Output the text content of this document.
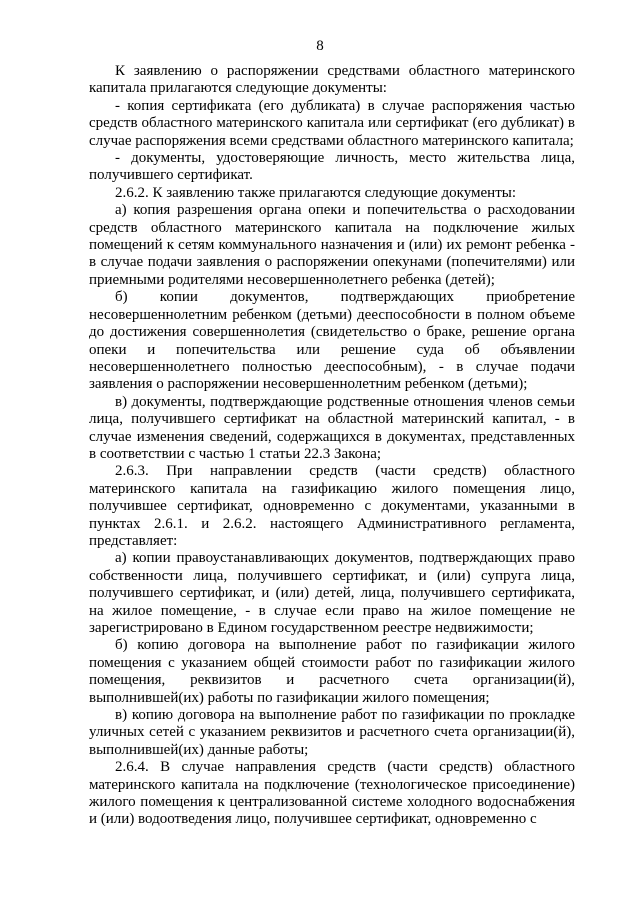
8

К заявлению о распоряжении средствами областного материнского капитала прилагаются следующие документы:

- копия сертификата (его дубликата) в случае распоряжения частью средств областного материнского капитала или сертификат (его дубликат) в случае распоряжения всеми средствами областного материнского капитала;

- документы, удостоверяющие личность, место жительства лица, получившего сертификат.

2.6.2. К заявлению также прилагаются следующие документы:

а) копия разрешения органа опеки и попечительства о расходовании средств областного материнского капитала на подключение жилых помещений к сетям коммунального назначения и (или) их ремонт ребенка - в случае подачи заявления о распоряжении опекунами (попечителями) или приемными родителями несовершеннолетнего ребенка (детей);

б) копии документов, подтверждающих приобретение несовершеннолетним ребенком (детьми) дееспособности в полном объеме до достижения совершеннолетия (свидетельство о браке, решение органа опеки и попечительства или решение суда об объявлении несовершеннолетнего полностью дееспособным), - в случае подачи заявления о распоряжении несовершеннолетним ребенком (детьми);

в) документы, подтверждающие родственные отношения членов семьи лица, получившего сертификат на областной материнский капитал, - в случае изменения сведений, содержащихся в документах, представленных в соответствии с частью 1 статьи 22.3 Закона;

2.6.3. При направлении средств (части средств) областного материнского капитала на газификацию жилого помещения лицо, получившее сертификат, одновременно с документами, указанными в пунктах 2.6.1. и 2.6.2. настоящего Административного регламента, представляет:

а) копии правоустанавливающих документов, подтверждающих право собственности лица, получившего сертификат, и (или) супруга лица, получившего сертификат, и (или) детей, лица, получившего сертификата, на жилое помещение, - в случае если право на жилое помещение не зарегистрировано в Едином государственном реестре недвижимости;

б) копию договора на выполнение работ по газификации жилого помещения с указанием общей стоимости работ по газификации жилого помещения, реквизитов и расчетного счета организации(й), выполнившей(их) работы по газификации жилого помещения;

в) копию договора на выполнение работ по газификации по прокладке уличных сетей с указанием реквизитов и расчетного счета организации(й), выполнившей(их) данные работы;

2.6.4. В случае направления средств (части средств) областного материнского капитала на подключение (технологическое присоединение) жилого помещения к централизованной системе холодного водоснабжения и (или) водоотведения лицо, получившее сертификат, одновременно с
